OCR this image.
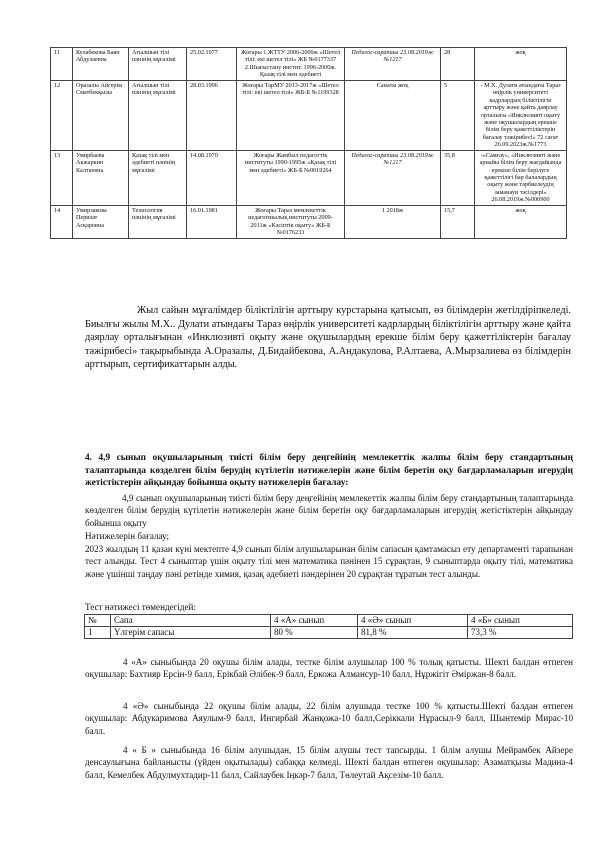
11	Кулабекова Баян Абдулаевна	Ағылшын тілі пәнінің мұғалімі	25.02.1977	Жоғары 1.ЖТТУ 2006-2009ж «Шетел тілі: екі шетел тілі» ЖБ №0177337 2.Шығыстану инстит. 1996-2000ж. Қазақ тілі мен әдебиеті	Педагог-сарапшы 23.08.2019ж №1217	28	жоқ
12	Оразалы Айгерім Сматбекқызы	Ағылшын тілі пәнінің мұғалімі	28.03.1996	Жоғары ТарМУ 2013-2017ж «Шетел тілі: екі шетел тілі» ЖБ-Б №1199328	Санаты жоқ	5	- М.Х. Дулати атындағы Тараз өңірлік университеті кадрлардың біліктілігін арттыру және қайта даярлау орталығы «Инклюзивті оқыту және оқушылардың ерекше білім беру қажеттіліктерін бағалау тәжірибесі» 72 сағат 26.09.2023ж.№1773
13	Умирбаева Акжаркин Калтаевна	Қазақ тілі мен әдебиеті пәнінің мұғалімі	14.08.1970	Жоғары Жамбыл педагогтік институты 1990-1995ж «Қазақ тілі мен әдебиеті» ЖБ-Б №0019264	Педагог-сарапшы 23.08.2019ж №1217	35,8	-«Самғау», «Инклюзивті және арнайы білім беру жағдайында ерекше білім берілуге қажеттілігі бар балалардың оқыту және тәрбиелеудің заманауи тәсілдері» 26.08.2019ж.№000900
14	Умирзакова Перизат Асқаровна	Технология пәнінің мұғалімі	16.01.1981	Жоғары Тараз мемлекеттік педагогикалық институты 2009-2011ж «Кәсіптік оқыту» ЖБ-Б №0176233	1 2018ж	15,7	жоқ
Жыл сайын мұғалімдер біліктілігін арттыру курстарына қатысып, өз білімдерін жетілдіріпкеледі. Биылғы жылы М.Х.. Дулати атындағы Тараз өңірлік университеті кадрлардың біліктілігін арттыру және қайта даярлау орталығынан «Инклюзивті оқыту және оқушылардың ерекше білім беру қажеттіліктерін бағалау тәжірибесі» тақырыбында А.Оразалы, Д.Бидайбекова, А.Андакулова, Р.Алтаева, А.Мырзалиева өз білімдерін арттырып, сертификаттарын алды.
4. 4,9 сынып оқушыларының тиісті білім беру деңгейінің мемлекеттік жалпы білім беру стандартының талаптарында көзделген білім берудің күтілетін нәтижелерін және білім беретін оқу бағдарламаларын игерудің жетістіктерін айқындау бойынша оқыту нәтижелерін бағалау:
4,9 сынып оқушыларының тиісті білім беру деңгейінің мемлекеттік жалпы білім беру стандартының талаптарында көзделген білім берудің күтілетін нәтижелерін және білім беретін оқу бағдарламаларын игерудің жетістіктерін айқындау бойынша оқыту
Нәтижелерін бағалау;
2023 жылдың 11 қазан күні мектепте 4,9 сынып білім алушыларынан білім сапасын қамтамасыз ету департаменті тарапынан тест алынды. Тест 4 сыныптар үшін оқыту тілі мен математика пәнінен 15 сұрақтан, 9 сыныптарда оқыту тілі, математика және үшінші таңдау пәні ретінде химия, қазақ әдебиеті пәндерінен 20 сұрақтан тұратын тест алынды.
Тест нәтижесі төмендегідей:
№	Сапа	4 «А» сынып	4 «Ә» сынып	4 «Б» сынып
1	Үлгерім сапасы	80 %	81,8 %	73,3 %
4 «А» сыныбында 20 оқушы білім алады, тестке білім алушылар 100 % толық қатысты. Шекті балдан өтпеген оқушылар: Бахтияр Ерсін-9 балл, Ерікбай Әлібек-9 балл, Еркожа Алмансур-10 балл, Нұржігіт Әміржан-8 балл.
4 «Ә» сыныбында 22 оқушы білім алады, 22 білім алушыда тестке 100 % қатысты.Шекті балдан өтпеген оқушылар: Абдукаримова Аяулым-9 балл, Ингирбай Жанқожа-10 балл,Серіккали Нұрасыл-9 балл, Шынтемір Мирас-10 балл.
4 « Б » сыныбында 16 білім алушыдан, 15 білім алушы тест тапсырды. 1 білім алушы Мейрамбек Айзере денсаулығына байланысты (үйден оқытылады) сабаққа келмеді. Шекті балдан өтпеген оқушылар: Азаматқызы Мадина-4 балл, Кемелбек Абдулмухтадир-11 балл, Сайлаубек Іңкәр-7 балл, Төлеутай Ақсезім-10 балл.
